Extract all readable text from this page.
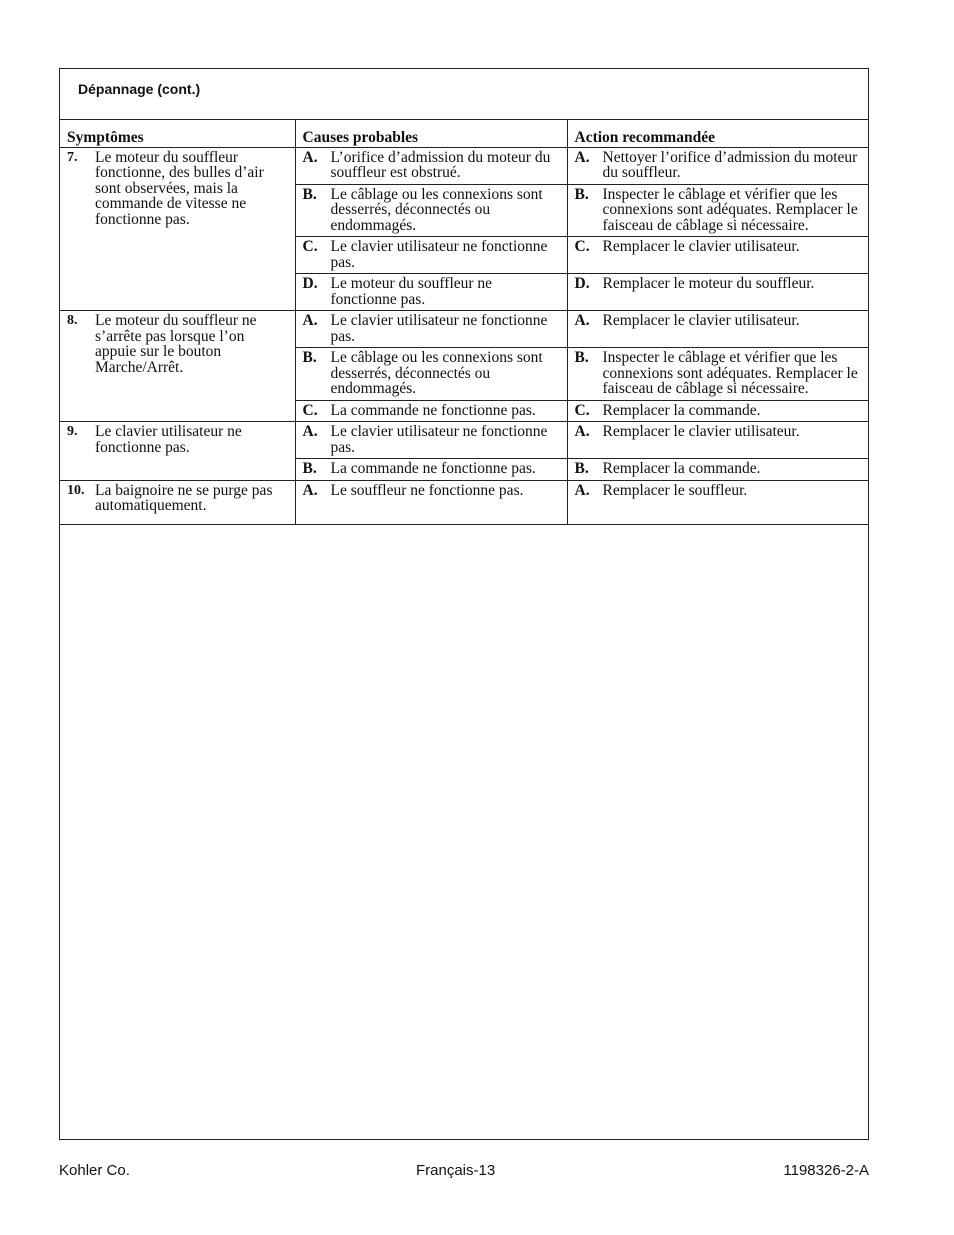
Dépannage (cont.)
Symptômes	Causes probables	Action recommandée

7. Le moteur du souffleur fonctionne, des bulles d’air sont observées, mais la commande de vitesse ne fonctionne pas.	A. L’orifice d’admission du moteur du souffleur est obstrué.	A. Nettoyer l’orifice d’admission du moteur du souffleur.

	B. Le câblage ou les connexions sont desserrés, déconnectés ou endommagés.	B. Inspecter le câblage et vérifier que les connexions sont adéquates. Remplacer le faisceau de câblage si nécessaire.

	C. Le clavier utilisateur ne fonctionne pas.	C. Remplacer le clavier utilisateur.

	D. Le moteur du souffleur ne fonctionne pas.	D. Remplacer le moteur du souffleur.

8. Le moteur du souffleur ne s’arrête pas lorsque l’on appuie sur le bouton Marche/Arrêt.	A. Le clavier utilisateur ne fonctionne pas.	A. Remplacer le clavier utilisateur.

	B. Le câblage ou les connexions sont desserrés, déconnectés ou endommagés.	B. Inspecter le câblage et vérifier que les connexions sont adéquates. Remplacer le faisceau de câblage si nécessaire.

	C. La commande ne fonctionne pas.	C. Remplacer la commande.

9. Le clavier utilisateur ne fonctionne pas.	A. Le clavier utilisateur ne fonctionne pas.	A. Remplacer le clavier utilisateur.

	B. La commande ne fonctionne pas.	B. Remplacer la commande.

10. La baignoire ne se purge pas automatiquement.	A. Le souffleur ne fonctionne pas.	A. Remplacer le souffleur.
Kohler Co.	Français-13	1198326-2-A
